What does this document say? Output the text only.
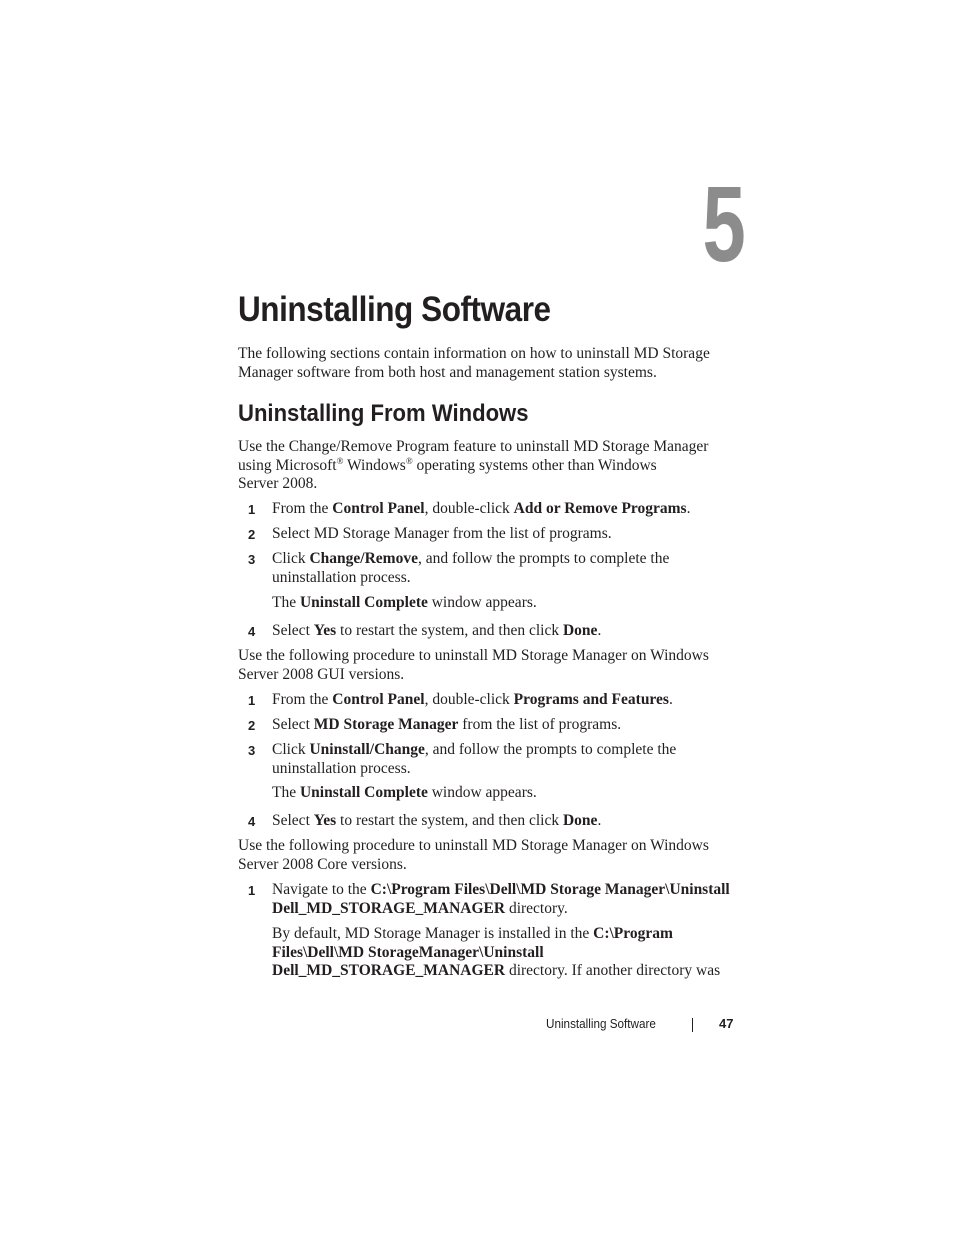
5
Uninstalling Software

The following sections contain information on how to uninstall MD Storage
Manager software from both host and management station systems.

Uninstalling From Windows

Use the Change/Remove Program feature to uninstall MD Storage Manager
using Microsoft® Windows® operating systems other than Windows
Server 2008.

1 From the Control Panel, double-click Add or Remove Programs.
2 Select MD Storage Manager from the list of programs.
3 Click Change/Remove, and follow the prompts to complete the
uninstallation process.

The Uninstall Complete window appears.

4 Select Yes to restart the system, and then click Done.

Use the following procedure to uninstall MD Storage Manager on Windows
Server 2008 GUI versions.

1 From the Control Panel, double-click Programs and Features.
2 Select MD Storage Manager from the list of programs.
3 Click Uninstall/Change, and follow the prompts to complete the
uninstallation process.

The Uninstall Complete window appears.

4 Select Yes to restart the system, and then click Done.

Use the following procedure to uninstall MD Storage Manager on Windows
Server 2008 Core versions.

1 Navigate to the C:\Program Files\Dell\MD Storage Manager\Uninstall
Dell_MD_STORAGE_MANAGER directory.

By default, MD Storage Manager is installed in the C:\Program
Files\Dell\MD StorageManager\Uninstall
Dell_MD_STORAGE_MANAGER directory. If another directory was

Uninstalling Software	47
